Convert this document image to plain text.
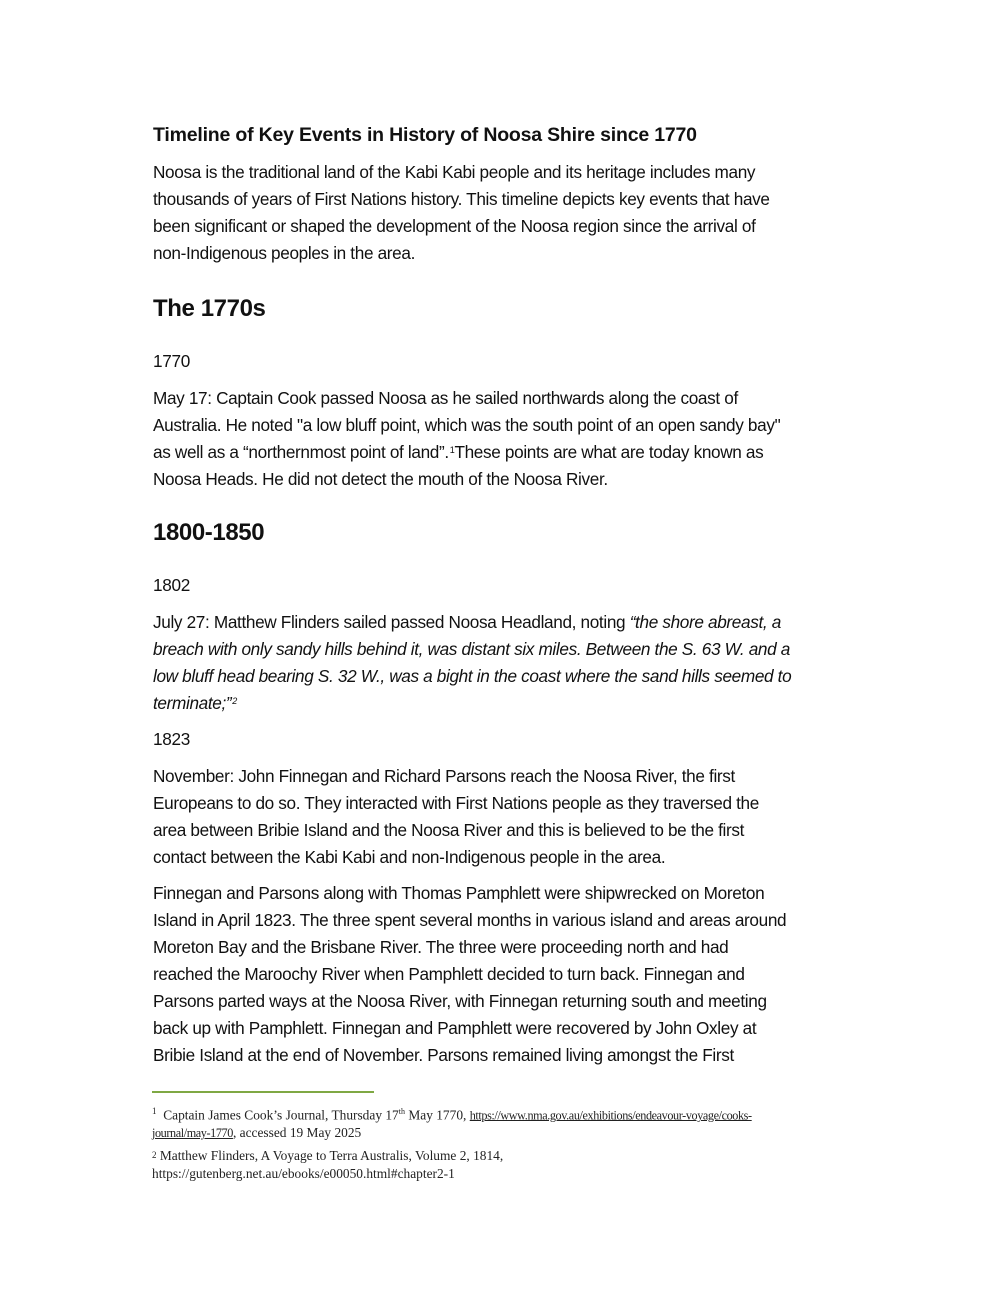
Timeline of Key Events in History of Noosa Shire since 1770
Noosa is the traditional land of the Kabi Kabi people and its heritage includes many
thousands of years of First Nations history. This timeline depicts key events that have
been significant or shaped the development of the Noosa region since the arrival of
non-Indigenous peoples in the area.
The 1770s
1770
May 17: Captain Cook passed Noosa as he sailed northwards along the coast of
Australia. He noted "a low bluff point, which was the south point of an open sandy bay"
as well as a “northernmost point of land”.$^1$These points are what are today known as
Noosa Heads. He did not detect the mouth of the Noosa River.
1800-1850
1802
July 27: Matthew Flinders sailed passed Noosa Headland, noting “the shore abreast, a
breach with only sandy hills behind it, was distant six miles. Between the S. 63 W. and a
low bluff head bearing S. 32 W., was a bight in the coast where the sand hills seemed to
terminate;”$^2$
1823
November: John Finnegan and Richard Parsons reach the Noosa River, the first
Europeans to do so. They interacted with First Nations people as they traversed the
area between Bribie Island and the Noosa River and this is believed to be the first
contact between the Kabi Kabi and non-Indigenous people in the area.
Finnegan and Parsons along with Thomas Pamphlett were shipwrecked on Moreton
Island in April 1823. The three spent several months in various island and areas around
Moreton Bay and the Brisbane River. The three were proceeding north and had
reached the Maroochy River when Pamphlett decided to turn back. Finnegan and
Parsons parted ways at the Noosa River, with Finnegan returning south and meeting
back up with Pamphlett. Finnegan and Pamphlett were recovered by John Oxley at
Bribie Island at the end of November. Parsons remained living amongst the First
$^1$ Captain James Cook’s Journal, Thursday 17th May 1770, https://www.nma.gov.au/exhibitions/endeavour-voyage/cooks-
journal/may-1770, accessed 19 May 2025
$^2$ Matthew Flinders, A Voyage to Terra Australis, Volume 2, 1814,
https://gutenberg.net.au/ebooks/e00050.html#chapter2-1
